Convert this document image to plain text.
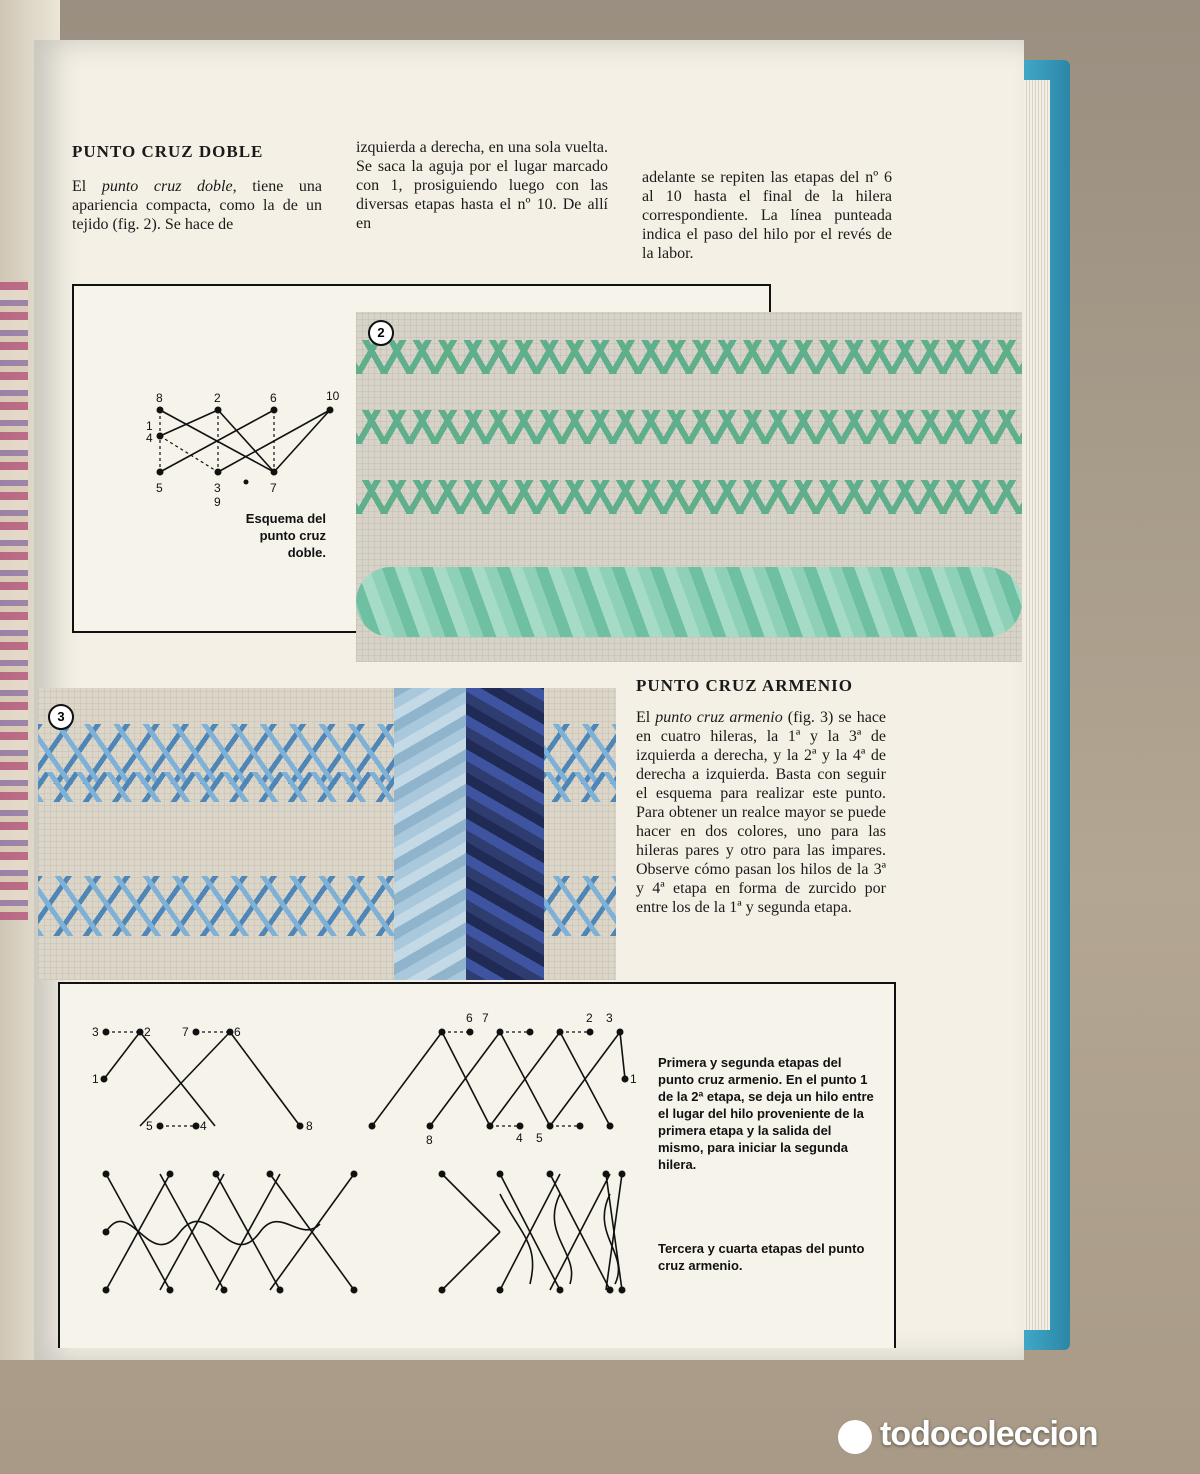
PUNTO CRUZ DOBLE

El punto cruz doble, tiene una apariencia compacta, como la de un tejido (fig. 2). Se hace de

izquierda a derecha, en una sola vuelta. Se saca la aguja por el lugar marcado con 1, prosiguiendo luego con las diversas etapas hasta el nº 10. De allí en

adelante se repiten las etapas del nº 6 al 10 hasta el final de la hilera correspondiente. La línea punteada indica el paso del hilo por el revés de la labor.

8	2	6	10
1
4
5	3
9
7

Esquema del punto cruz doble.

2
PUNTO CRUZ ARMENIO

El punto cruz armenio (fig. 3) se hace en cuatro hileras, la 1ª y la 3ª de izquierda a derecha, y la 2ª y la 4ª de derecha a izquierda. Basta con seguir el esquema para realizar este punto. Para obtener un realce mayor se puede hacer en dos colores, uno para las hileras pares y otro para las impares. Observe cómo pasan los hilos de la 3ª y 4ª etapa en forma de zurcido por entre los de la 1ª y segunda etapa.

3
3	2	7	6
1
5	4	8
6 7	2 3
1
8	4 5

Primera y segunda etapas del punto cruz armenio. En el punto 1 de la 2ª etapa, se deja un hilo entre el lugar del hilo proveniente de la primera etapa y la salida del mismo, para iniciar la segunda hilera.

Tercera y cuarta etapas del punto cruz armenio.

todocoleccion
